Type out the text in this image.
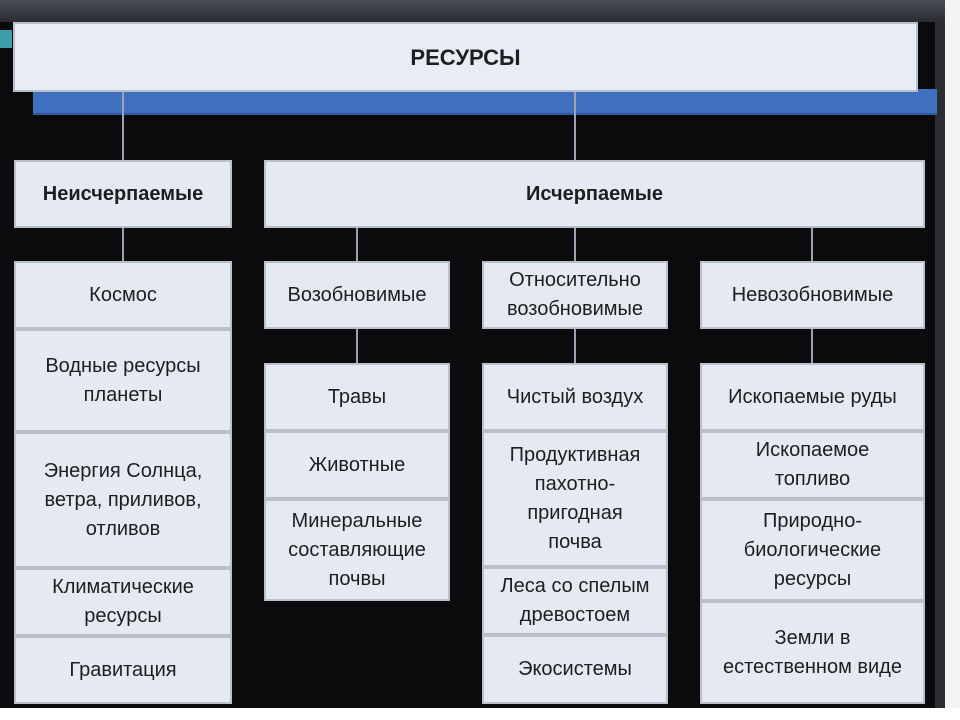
РЕСУРСЫ
Неисчерпаемые	Исчерпаемые
Космос
Водные ресурсы
планеты
Энергия Солнца,
ветра, приливов,
отливов
Климатические
ресурсы
Гравитация
Возобновимые
Относительно
возобновимые
Невозобновимые
Травы
Животные
Минеральные
составляющие
почвы
Чистый воздух
Продуктивная
пахотно-
пригодная
почва
Леса со спелым
древостоем
Экосистемы
Ископаемые руды
Ископаемое
топливо
Природно-
биологические
ресурсы
Земли в
естественном виде
